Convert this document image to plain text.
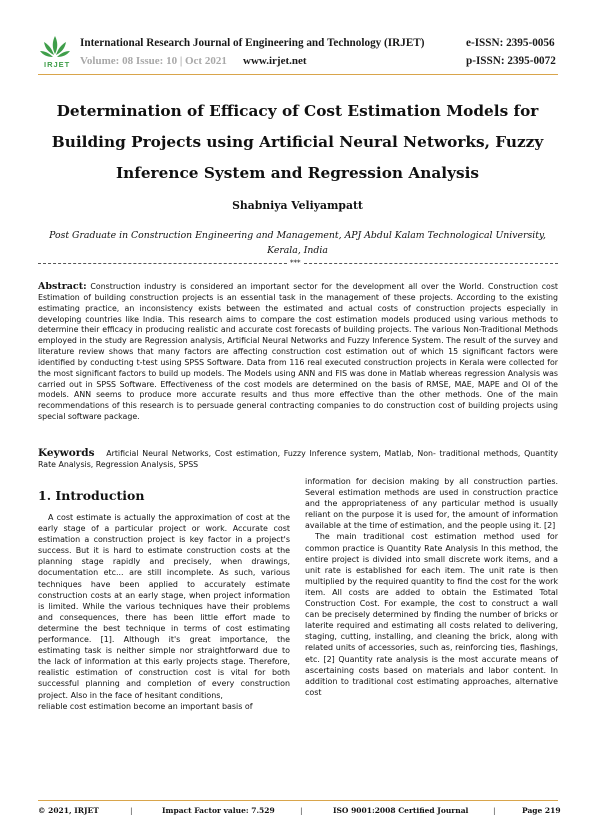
IRJET
International Research Journal of Engineering and Technology (IRJET)
Volume: 08 Issue: 10 | Oct 2021 www.irjet.net
e-ISSN: 2395-0056
p-ISSN: 2395-0072
Determination of Efficacy of Cost Estimation Models for Building Projects using Artificial Neural Networks, Fuzzy Inference System and Regression Analysis
Shabniya Veliyampatt
Post Graduate in Construction Engineering and Management, APJ Abdul Kalam Technological University, Kerala, India
***
Abstract: Construction industry is considered an important sector for the development all over the World. Construction cost Estimation of building construction projects is an essential task in the management of these projects. According to the existing estimating practice, an inconsistency exists between the estimated and actual costs of construction projects especially in developing countries like India. This research aims to compare the cost estimation models produced using various methods to determine their efficacy in producing realistic and accurate cost forecasts of building projects. The various Non-Traditional Methods employed in the study are Regression analysis, Artificial Neural Networks and Fuzzy Inference System. The result of the survey and literature review shows that many factors are affecting construction cost estimation out of which 15 significant factors were identified by conducting t-test using SPSS Software. Data from 116 real executed construction projects in Kerala were collected for the most significant factors to build up models. The Models using ANN and FIS was done in Matlab whereas regression Analysis was carried out in SPSS Software. Effectiveness of the cost models are determined on the basis of RMSE, MAE, MAPE and OI of the models. ANN seems to produce more accurate results and thus more effective than the other methods. One of the main recommendations of this research is to persuade general contracting companies to do construction cost of building projects using special software package.
Keywords Artificial Neural Networks, Cost estimation, Fuzzy Inference system, Matlab, Non- traditional methods, Quantity Rate Analysis, Regression Analysis, SPSS
1. Introduction

A cost estimate is actually the approximation of cost at the early stage of a particular project or work. Accurate cost estimation a construction project is key factor in a project's success. But it is hard to estimate construction costs at the planning stage rapidly and precisely, when drawings, documentation etc... are still incomplete. As such, various techniques have been applied to accurately estimate construction costs at an early stage, when project information is limited. While the various techniques have their problems and consequences, there has been little effort made to determine the best technique in terms of cost estimating performance. [1]. Although it's great importance, the estimating task is neither simple nor straightforward due to the lack of information at this early projects stage. Therefore, realistic estimation of construction cost is vital for both successful planning and completion of every construction project. Also in the face of hesitant conditions,

reliable cost estimation become an important basis of

information for decision making by all construction parties. Several estimation methods are used in construction practice and the appropriateness of any particular method is usually reliant on the purpose it is used for, the amount of information available at the time of estimation, and the people using it. [2]

The main traditional cost estimation method used for common practice is Quantity Rate Analysis In this method, the entire project is divided into small discrete work items, and a unit rate is established for each item. The unit rate is then multiplied by the required quantity to find the cost for the work item. All costs are added to obtain the Estimated Total Construction Cost. For example, the cost to construct a wall can be precisely determined by finding the number of bricks or laterite required and estimating all costs related to delivering, staging, cutting, installing, and cleaning the brick, along with related units of accessories, such as, reinforcing ties, flashings, etc. [2] Quantity rate analysis is the most accurate means of ascertaining costs based on materials and labor content. In addition to traditional cost estimating approaches, alternative cost

© 2021, IRJET	|	Impact Factor value: 7.529	|	ISO 9001:2008 Certified Journal	|	Page 219
